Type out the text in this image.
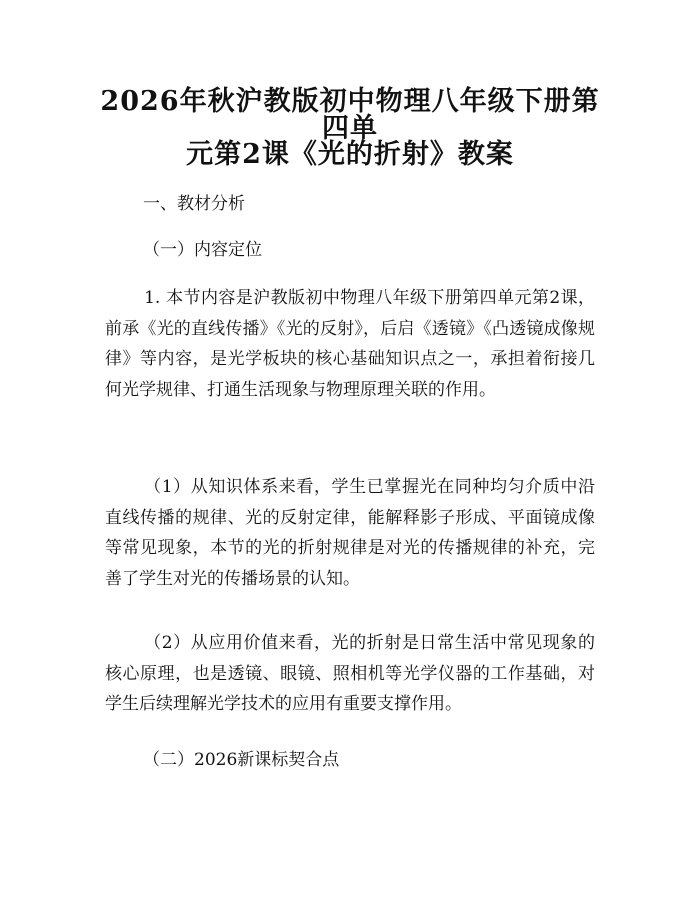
2026年秋沪教版初中物理八年级下册第四单
元第2课《光的折射》教案
一、教材分析
（一）内容定位
1. 本节内容是沪教版初中物理八年级下册第四单元第2课，前承《光的直线传播》《光的反射》，后启《透镜》《凸透镜成像规律》等内容，是光学板块的核心基础知识点之一，承担着衔接几何光学规律、打通生活现象与物理原理关联的作用。
（1）从知识体系来看，学生已掌握光在同种均匀介质中沿直线传播的规律、光的反射定律，能解释影子形成、平面镜成像等常见现象，本节的光的折射规律是对光的传播规律的补充，完善了学生对光的传播场景的认知。
（2）从应用价值来看，光的折射是日常生活中常见现象的核心原理，也是透镜、眼镜、照相机等光学仪器的工作基础，对学生后续理解光学技术的应用有重要支撑作用。
（二）2026新课标契合点
